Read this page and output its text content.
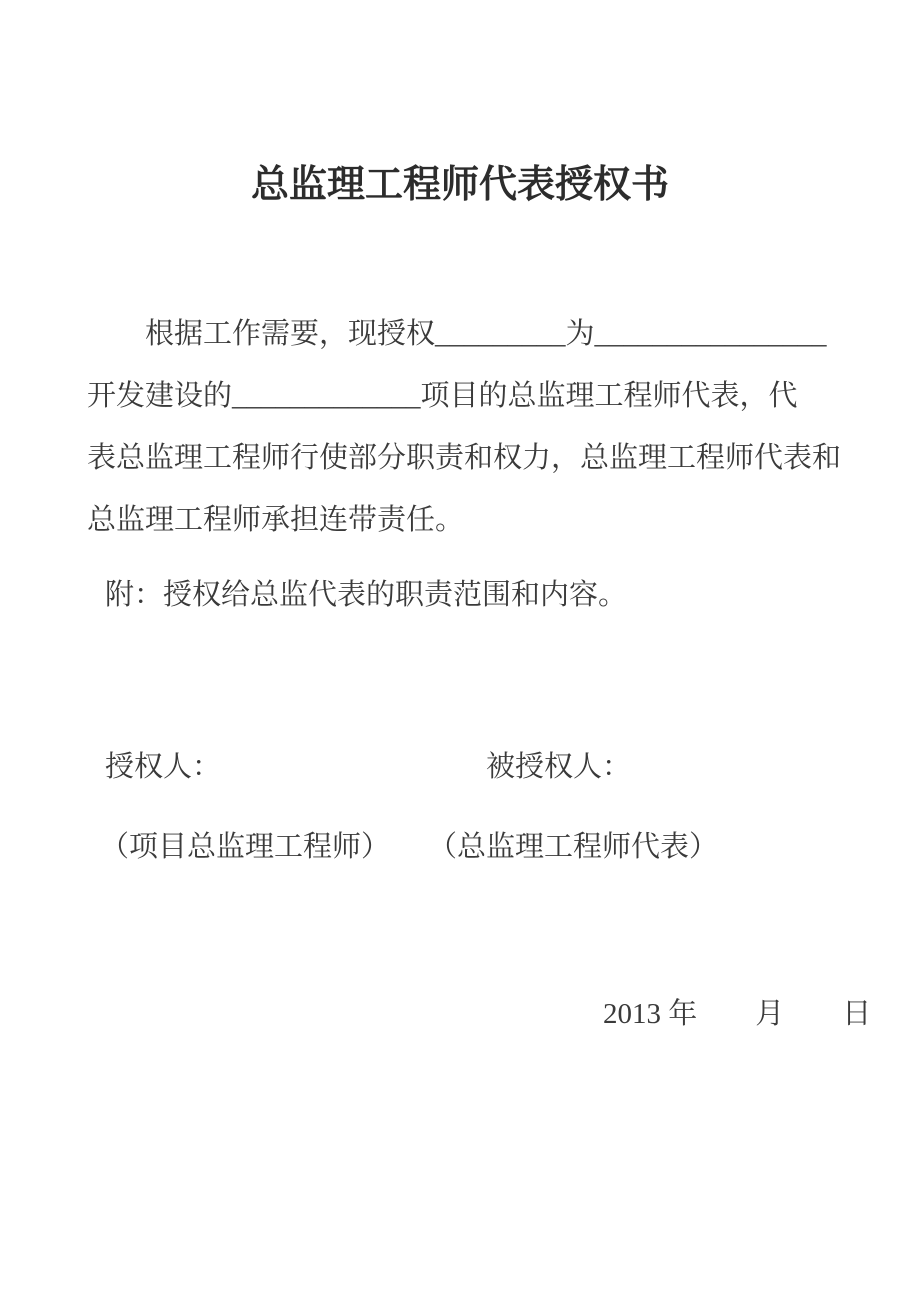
总监理工程师代表授权书
根据工作需要，现授权_________为________________
开发建设的_____________项目的总监理工程师代表，代
表总监理工程师行使部分职责和权力，总监理工程师代表和
总监理工程师承担连带责任。
附：授权给总监代表的职责范围和内容。
授权人：	被授权人：
（项目总监理工程师） （总监理工程师代表）
2013 年　　月　　日
